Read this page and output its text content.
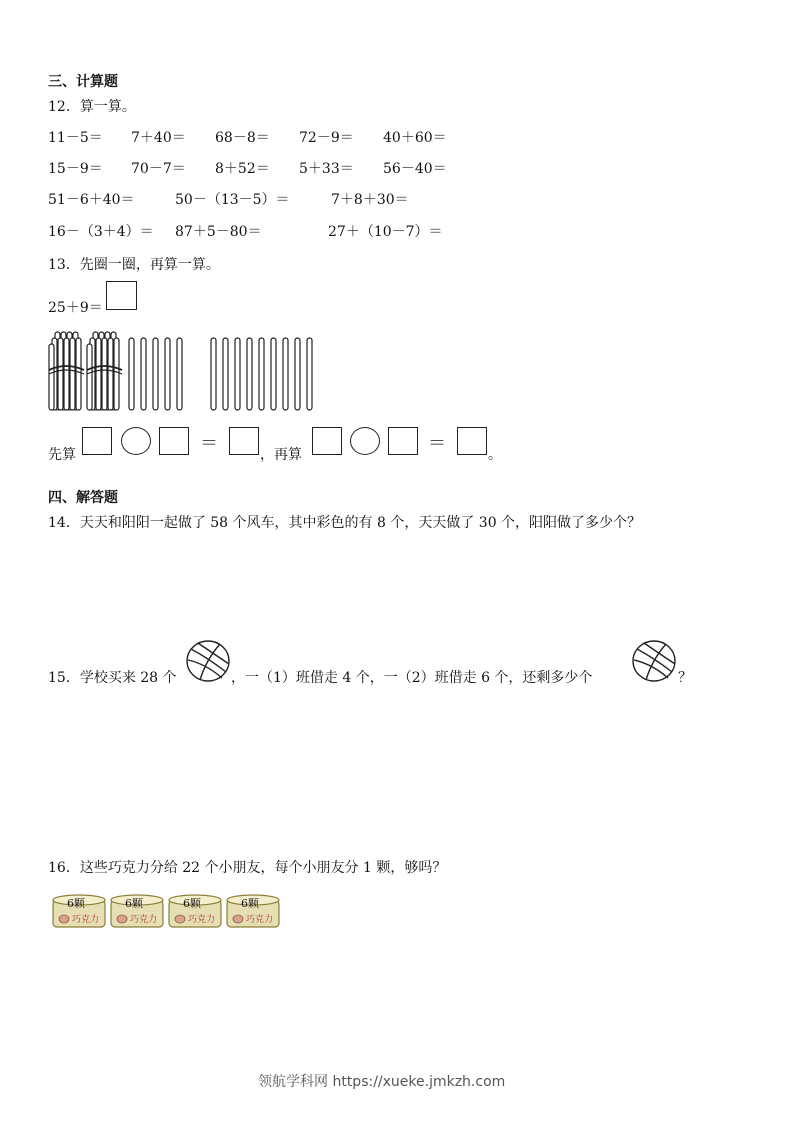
三、计算题
12．算一算。
11－5＝ 7＋40＝ 68－8＝ 72－9＝ 40＋60＝
15－9＝ 70－7＝ 8＋52＝ 5＋33＝ 56－40＝
51－6＋40＝	50－（13－5）＝	7＋8＋30＝
16－（3＋4）＝ 87＋5－80＝	27＋（10－7）＝
13．先圈一圈，再算一算。
25＋9＝
先算
＝
，再算
＝
。
四、解答题
14．天天和阳阳一起做了 58 个风车，其中彩色的有 8 个，天天做了 30 个，阳阳做了多少个？
15．学校买来 28 个	，一（1）班借走 4 个，一（2）班借走 6 个，还剩多少个	？
16．这些巧克力分给 22 个小朋友，每个小朋友分 1 颗，够吗？
6颗
巧克力
6颗
巧克力
6颗
巧克力
6颗
巧克力
领航学科网 https://xueke.jmkzh.com
